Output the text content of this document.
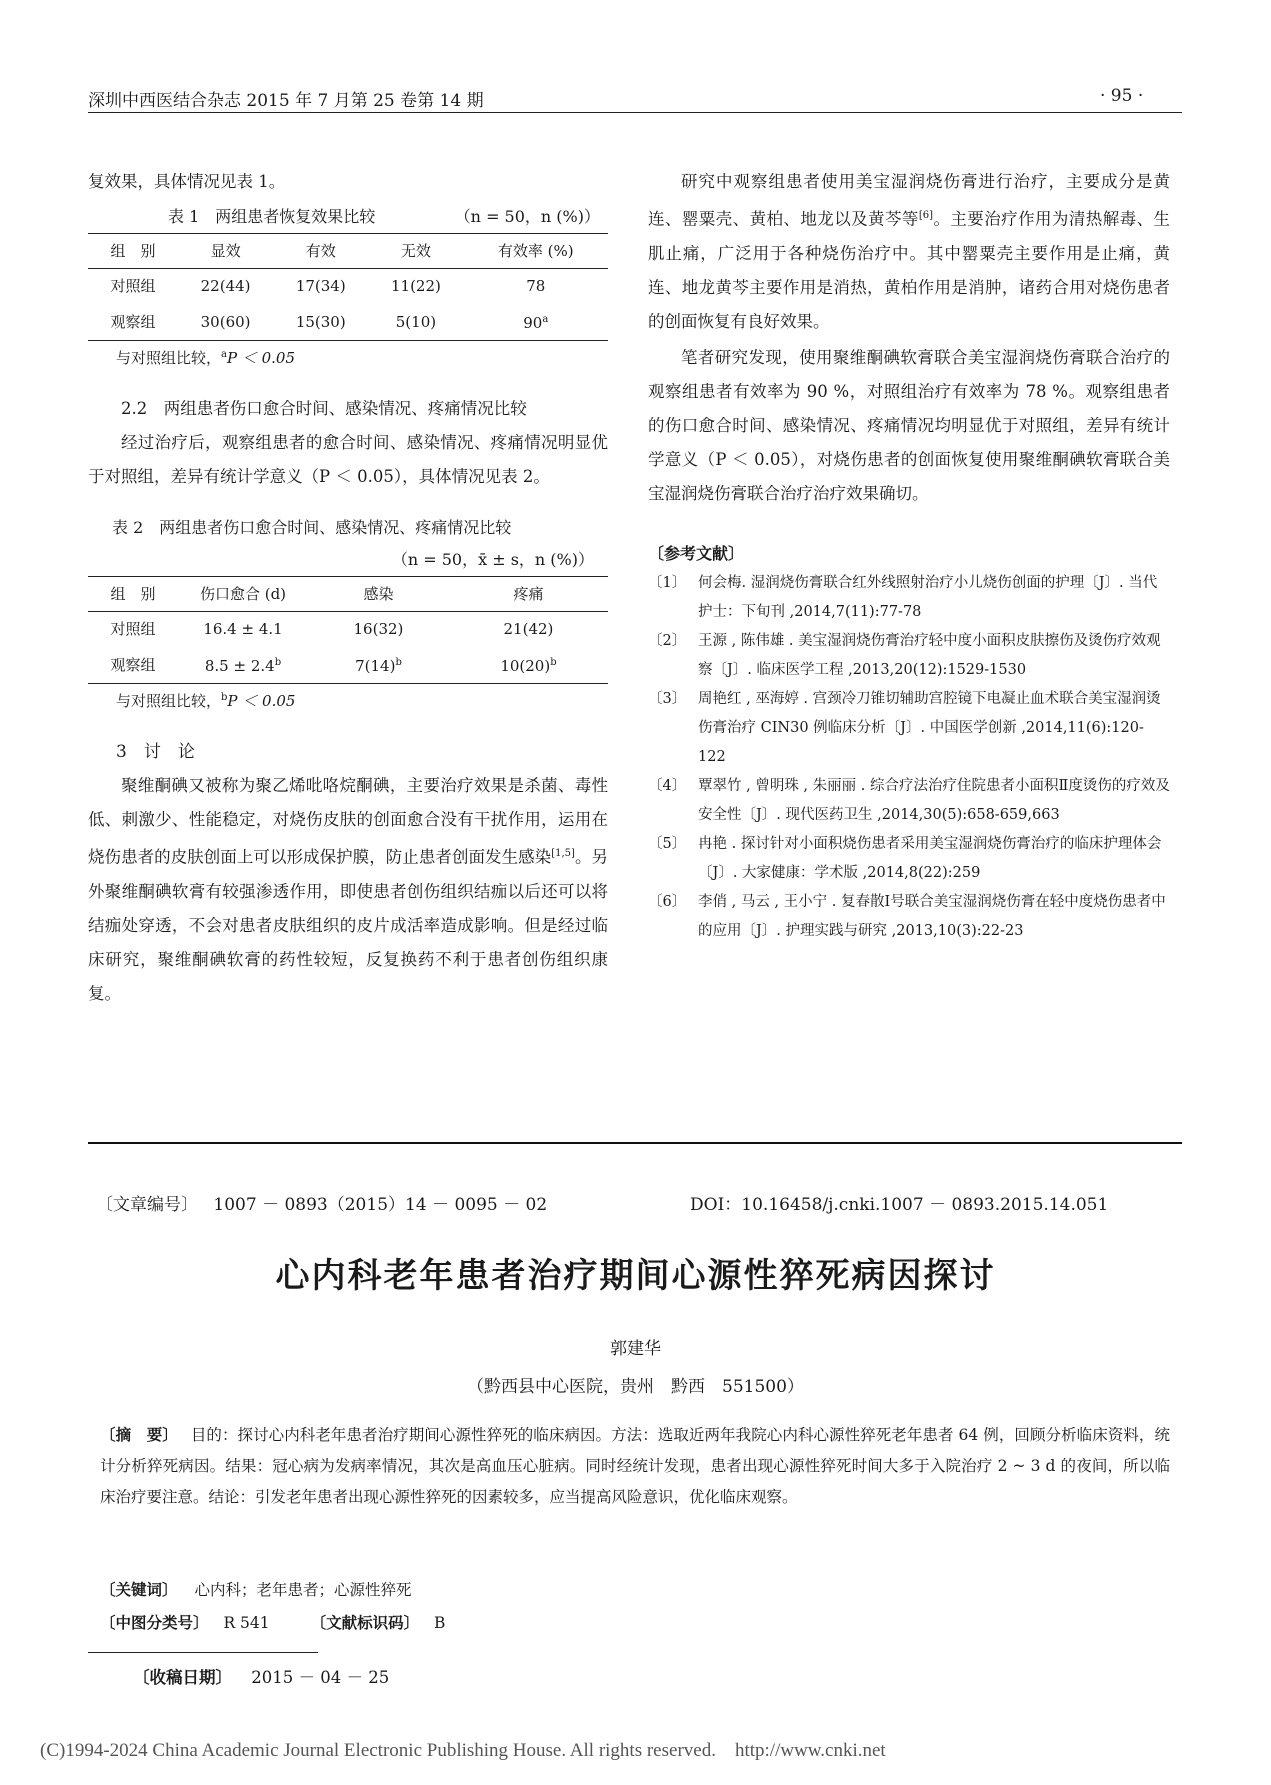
深圳中西医结合杂志 2015 年 7 月第 25 卷第 14 期	· 95 ·

复效果，具体情况见表 1。

表 1　两组患者恢复效果比较	（n = 50，n (%)）
组　别	显效	有效	无效	有效率 (%)
对照组	22(44)	17(34)	11(22)	78
观察组	30(60)	15(30)	5(10)	90$^a$
与对照组比较，$^a$P ＜ 0.05

2.2　两组患者伤口愈合时间、感染情况、疼痛情况比较

经过治疗后，观察组患者的愈合时间、感染情况、疼痛情况明显优于对照组，差异有统计学意义（P ＜ 0.05），具体情况见表 2。

表 2　两组患者伤口愈合时间、感染情况、疼痛情况比较
（n = 50，x̄ ± s，n (%)）
组　别	伤口愈合 (d)	感染	疼痛
对照组	16.4 ± 4.1	16(32)	21(42)
观察组	8.5 ± 2.4$^b$	$7(14)^b$	$10(20)^b$
与对照组比较，$^b$P ＜ 0.05
3　讨　论

聚维酮碘又被称为聚乙烯吡咯烷酮碘，主要治疗效果是杀菌、毒性低、刺激少、性能稳定，对烧伤皮肤的创面愈合没有干扰作用，运用在烧伤患者的皮肤创面上可以形成保护膜，防止患者创面发生感染[1,5]。另外聚维酮碘软膏有较强渗透作用，即使患者创伤组织结痂以后还可以将结痂处穿透，不会对患者皮肤组织的皮片成活率造成影响。但是经过临床研究，聚维酮碘软膏的药性较短，反复换药不利于患者创伤组织康复。

研究中观察组患者使用美宝湿润烧伤膏进行治疗，主要成分是黄连、罂粟壳、黄柏、地龙以及黄芩等[6]。主要治疗作用为清热解毒、生肌止痛，广泛用于各种烧伤治疗中。其中罂粟壳主要作用是止痛，黄连、地龙黄芩主要作用是消热，黄柏作用是消肿，诸药合用对烧伤患者的创面恢复有良好效果。

笔者研究发现，使用聚维酮碘软膏联合美宝湿润烧伤膏联合治疗的观察组患者有效率为 90 %，对照组治疗有效率为 78 %。观察组患者的伤口愈合时间、感染情况、疼痛情况均明显优于对照组，差异有统计学意义（P ＜ 0.05），对烧伤患者的创面恢复使用聚维酮碘软膏联合美宝湿润烧伤膏联合治疗治疗效果确切。

〔参考文献〕
〔1〕 何会梅. 湿润烧伤膏联合红外线照射治疗小儿烧伤创面的护理〔J〕. 当代护士：下旬刊 ,2014,7(11):77-78
〔2〕 王源 , 陈伟雄 . 美宝湿润烧伤膏治疗轻中度小面积皮肤擦伤及烫伤疗效观察〔J〕. 临床医学工程 ,2013,20(12):1529-1530
〔3〕 周艳红 , 巫海婷 . 宫颈冷刀锥切辅助宫腔镜下电凝止血术联合美宝湿润烫伤膏治疗 CIN30 例临床分析〔J〕. 中国医学创新 ,2014,11(6):120-122
〔4〕 覃翠竹 , 曾明珠 , 朱丽丽 . 综合疗法治疗住院患者小面积Ⅱ度烫伤的疗效及安全性〔J〕. 现代医药卫生 ,2014,30(5):658-659,663
〔5〕 冉艳 . 探讨针对小面积烧伤患者采用美宝湿润烧伤膏治疗的临床护理体会〔J〕. 大家健康：学术版 ,2014,8(22):259
〔6〕 李俏 , 马云 , 王小宁 . 复春散Ⅰ号联合美宝湿润烧伤膏在轻中度烧伤患者中的应用〔J〕. 护理实践与研究 ,2013,10(3):22-23
〔文章编号〕 1007 － 0893（2015）14 － 0095 － 02	DOI：10.16458/j.cnki.1007 － 0893.2015.14.051
心内科老年患者治疗期间心源性猝死病因探讨
郭建华
（黔西县中心医院，贵州　黔西　551500）
〔摘　要〕 目的：探讨心内科老年患者治疗期间心源性猝死的临床病因。方法：选取近两年我院心内科心源性猝死老年患者 64 例，回顾分析临床资料，统计分析猝死病因。结果：冠心病为发病率情况，其次是高血压心脏病。同时经统计发现，患者出现心源性猝死时间大多于入院治疗 2 ~ 3 d 的夜间，所以临床治疗要注意。结论：引发老年患者出现心源性猝死的因素较多，应当提高风险意识，优化临床观察。
〔关键词〕 心内科；老年患者；心源性猝死
〔中图分类号〕 R 541	〔文献标识码〕 B
〔收稿日期〕 2015 － 04 － 25
(C)1994-2024 China Academic Journal Electronic Publishing House. All rights reserved.　http://www.cnki.net
